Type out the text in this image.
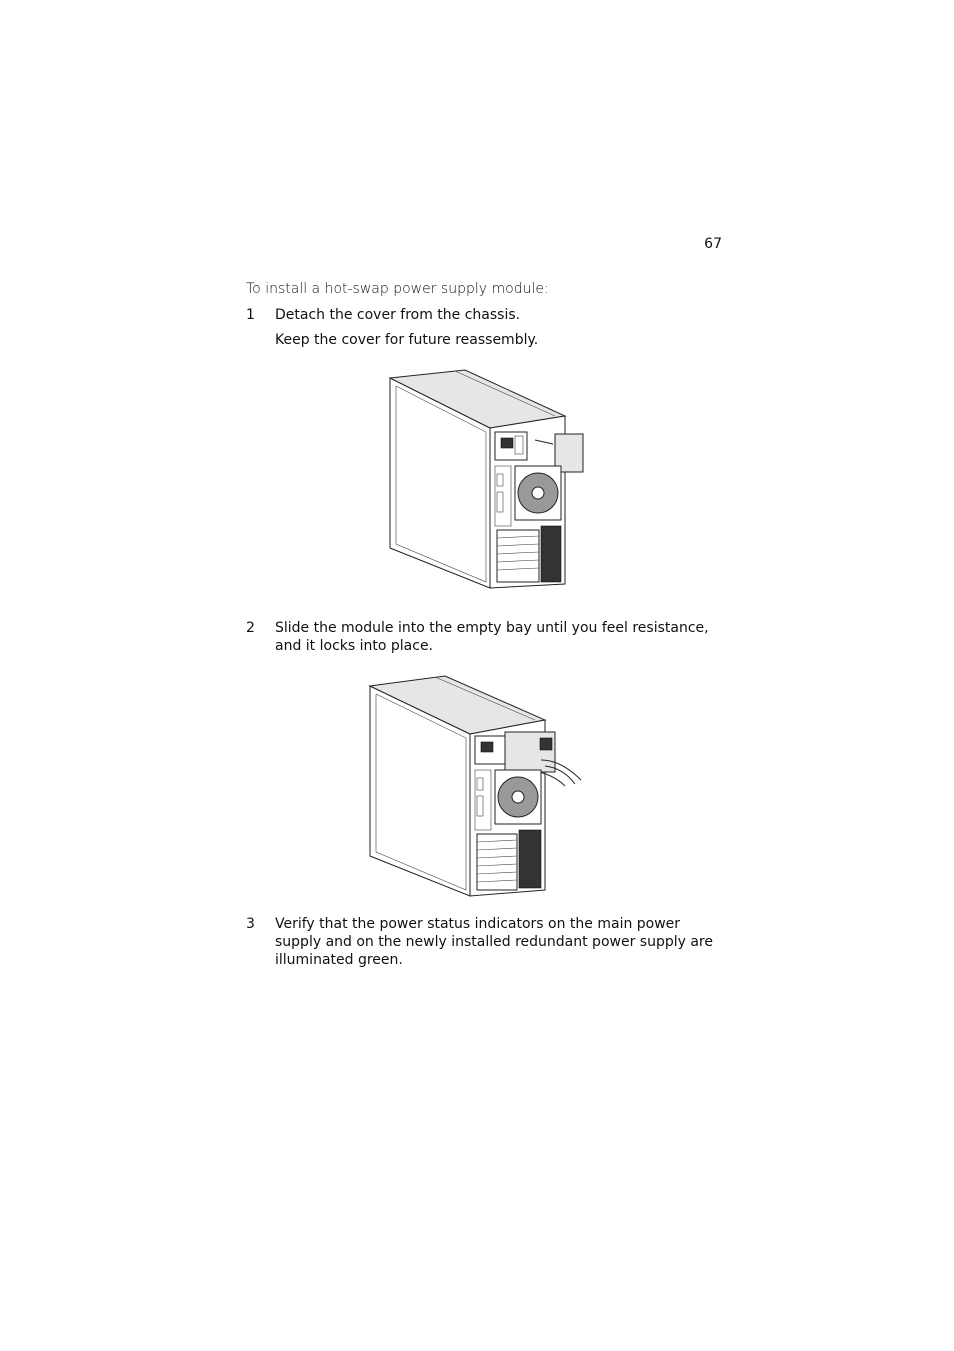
67
To install a hot-swap power supply module:
1 Detach the cover from the chassis.
Keep the cover for future reassembly.
2 Slide the module into the empty bay until you feel resistance, and it locks into place.
3 Verify that the power status indicators on the main power supply and on the newly installed redundant power supply are illuminated green.
